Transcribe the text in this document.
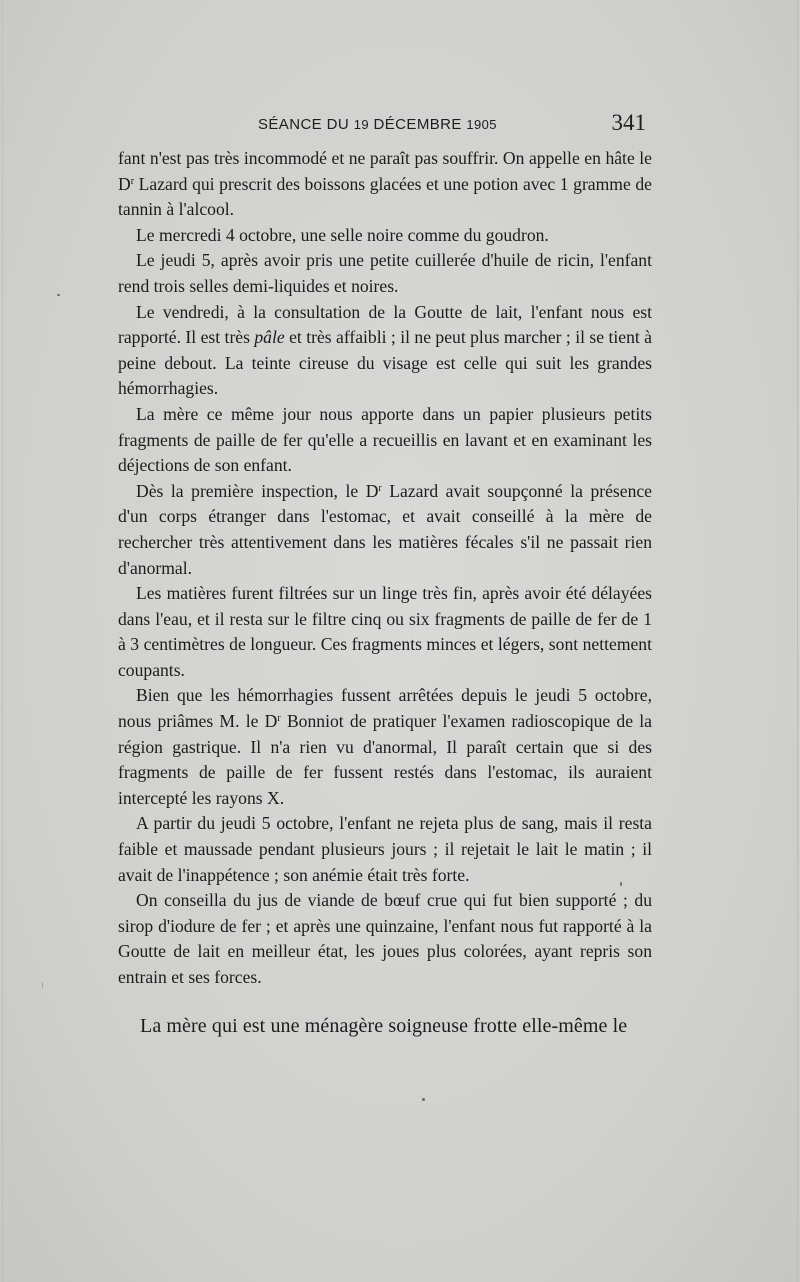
SÉANCE DU 19 DÉCEMBRE 1905	341

fant n'est pas très incommodé et ne paraît pas souffrir. On appelle en hâte le $D^r$ Lazard qui prescrit des boissons glacées et une potion avec 1 gramme de tannin à l'alcool.

Le mercredi 4 octobre, une selle noire comme du goudron.

Le jeudi 5, après avoir pris une petite cuillerée d'huile de ricin, l'enfant rend trois selles demi-liquides et noires.

Le vendredi, à la consultation de la Goutte de lait, l'enfant nous est rapporté. Il est très pâle et très affaibli ; il ne peut plus marcher ; il se tient à peine debout. La teinte cireuse du visage est celle qui suit les grandes hémorrhagies.

La mère ce même jour nous apporte dans un papier plusieurs petits fragments de paille de fer qu'elle a recueillis en lavant et en examinant les déjections de son enfant.

Dès la première inspection, le $D^r$ Lazard avait soupçonné la présence d'un corps étranger dans l'estomac, et avait conseillé à la mère de rechercher très attentivement dans les matières fécales s'il ne passait rien d'anormal.

Les matières furent filtrées sur un linge très fin, après avoir été délayées dans l'eau, et il resta sur le filtre cinq ou six fragments de paille de fer de 1 à 3 centimètres de longueur. Ces fragments minces et légers, sont nettement coupants.

Bien que les hémorrhagies fussent arrêtées depuis le jeudi 5 octobre, nous priâmes M. le $D^r$ Bonniot de pratiquer l'examen radioscopique de la région gastrique. Il n'a rien vu d'anormal, Il paraît certain que si des fragments de paille de fer fussent restés dans l'estomac, ils auraient intercepté les rayons X.

A partir du jeudi 5 octobre, l'enfant ne rejeta plus de sang, mais il resta faible et maussade pendant plusieurs jours ; il rejetait le lait le matin ; il avait de l'inappétence ; son anémie était très forte.

On conseilla du jus de viande de bœuf crue qui fut bien supporté ; du sirop d'iodure de fer ; et après une quinzaine, l'enfant nous fut rapporté à la Goutte de lait en meilleur état, les joues plus colorées, ayant repris son entrain et ses forces.

La mère qui est une ménagère soigneuse frotte elle-même le
